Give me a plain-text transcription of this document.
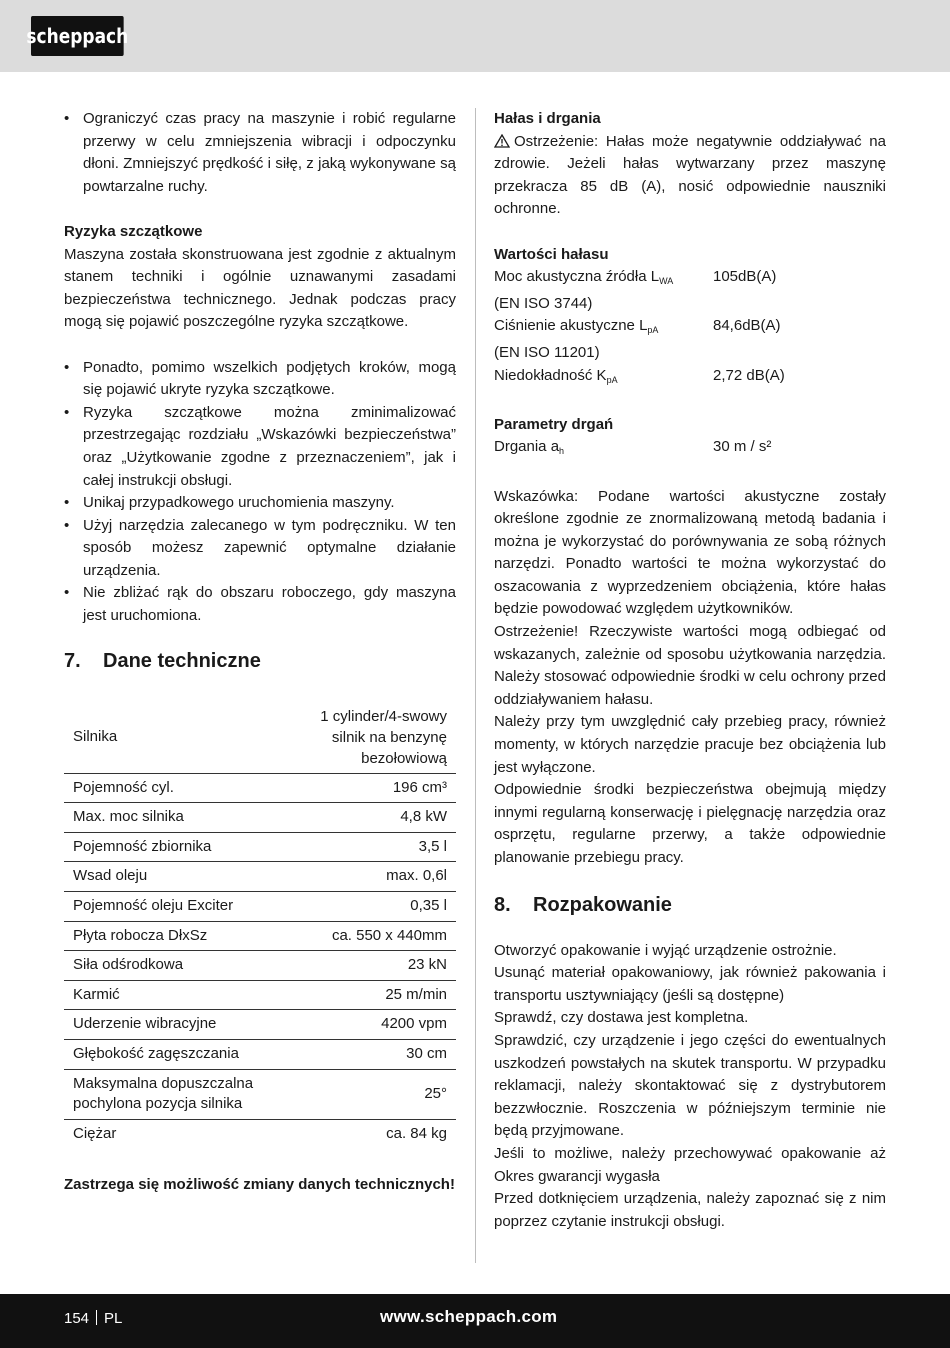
scheppach
• Ograniczyć czas pracy na maszynie i robić regularne przerwy w celu zmniejszenia wibracji i odpoczynku dłoni. Zmniejszyć prędkość i siłę, z jaką wykonywane są powtarzalne ruchy.

Ryzyka szczątkowe

Maszyna została skonstruowana jest zgodnie z aktualnym stanem techniki i ogólnie uznawanymi zasadami bezpieczeństwa technicznego. Jednak podczas pracy mogą się pojawić poszczególne ryzyka szczątkowe.

• Ponadto, pomimo wszelkich podjętych kroków, mogą się pojawić ukryte ryzyka szczątkowe.
• Ryzyka szczątkowe można zminimalizować przestrzegając rozdziału „Wskazówki bezpieczeństwa” oraz „Użytkowanie zgodne z przeznaczeniem”, jak i całej instrukcji obsługi.
• Unikaj przypadkowego uruchomienia maszyny.
• Użyj narzędzia zalecanego w tym podręczniku. W ten sposób możesz zapewnić optymalne działanie urządzenia.
• Nie zbliżać rąk do obszaru roboczego, gdy maszyna jest uruchomiona.
7.	Dane techniczne
Silnika	1 cylinder/4-swowy silnik na benzynę bezołowiową
Pojemność cyl.	196 cm³
Max. moc silnika	4,8 kW
Pojemność zbiornika	3,5 l
Wsad oleju	max. 0,6l
Pojemność oleju Exciter	0,35 l
Płyta robocza DłxSz	ca. 550 x 440mm
Siła odśrodkowa	23 kN
Karmić	25 m/min
Uderzenie wibracyjne	4200 vpm
Głębokość zagęszczania	30 cm
Maksymalna dopuszczalna pochylona pozycja silnika	25°
Ciężar	ca. 84 kg

Zastrzega się możliwość zmiany danych technicznych!

Hałas i drgania

Ostrzeżenie: Hałas może negatywnie oddziaływać na zdrowie. Jeżeli hałas wytwarzany przez maszynę przekracza 85 dB (A), nosić odpowiednie nauszniki ochronne.

Wartości hałasu

Moc akustyczna źródła $L_{WA}$	105dB(A)

(EN ISO 3744)

Ciśnienie akustyczne $L_{pA}$	84,6dB(A)

(EN ISO 11201)

Niedokładność $K_{pA}$	2,72 dB(A)

Parametry drgań

Drgania $a_h$	30 m / s²

Wskazówka: Podane wartości akustyczne zostały określone zgodnie ze znormalizowaną metodą badania i można je wykorzystać do porównywania ze sobą różnych narzędzi. Ponadto wartości te można wykorzystać do oszacowania z wyprzedzeniem obciążenia, które hałas będzie powodować względem użytkowników.

Ostrzeżenie! Rzeczywiste wartości mogą odbiegać od wskazanych, zależnie od sposobu użytkowania narzędzia. Należy stosować odpowiednie środki w celu ochrony przed oddziaływaniem hałasu.

Należy przy tym uwzględnić cały przebieg pracy, również momenty, w których narzędzie pracuje bez obciążenia lub jest wyłączone.

Odpowiednie środki bezpieczeństwa obejmują między innymi regularną konserwację i pielęgnację narzędzia oraz osprzętu, regularne przerwy, a także odpowiednie planowanie przebiegu pracy.

8.	Rozpakowanie

Otworzyć opakowanie i wyjąć urządzenie ostrożnie.

Usunąć materiał opakowaniowy, jak również pakowania i transportu usztywniający (jeśli są dostępne)

Sprawdź, czy dostawa jest kompletna.

Sprawdzić, czy urządzenie i jego części do ewentualnych uszkodzeń powstałych na skutek transportu. W przypadku reklamacji, należy skontaktować się z dystrybutorem bezzwłocznie. Roszczenia w późniejszym terminie nie będą przyjmowane.

Jeśli to możliwe, należy przechowywać opakowanie aż Okres gwarancji wygasła

Przed dotknięciem urządzenia, należy zapoznać się z nim poprzez czytanie instrukcji obsługi.

154 PL	www.scheppach.com
